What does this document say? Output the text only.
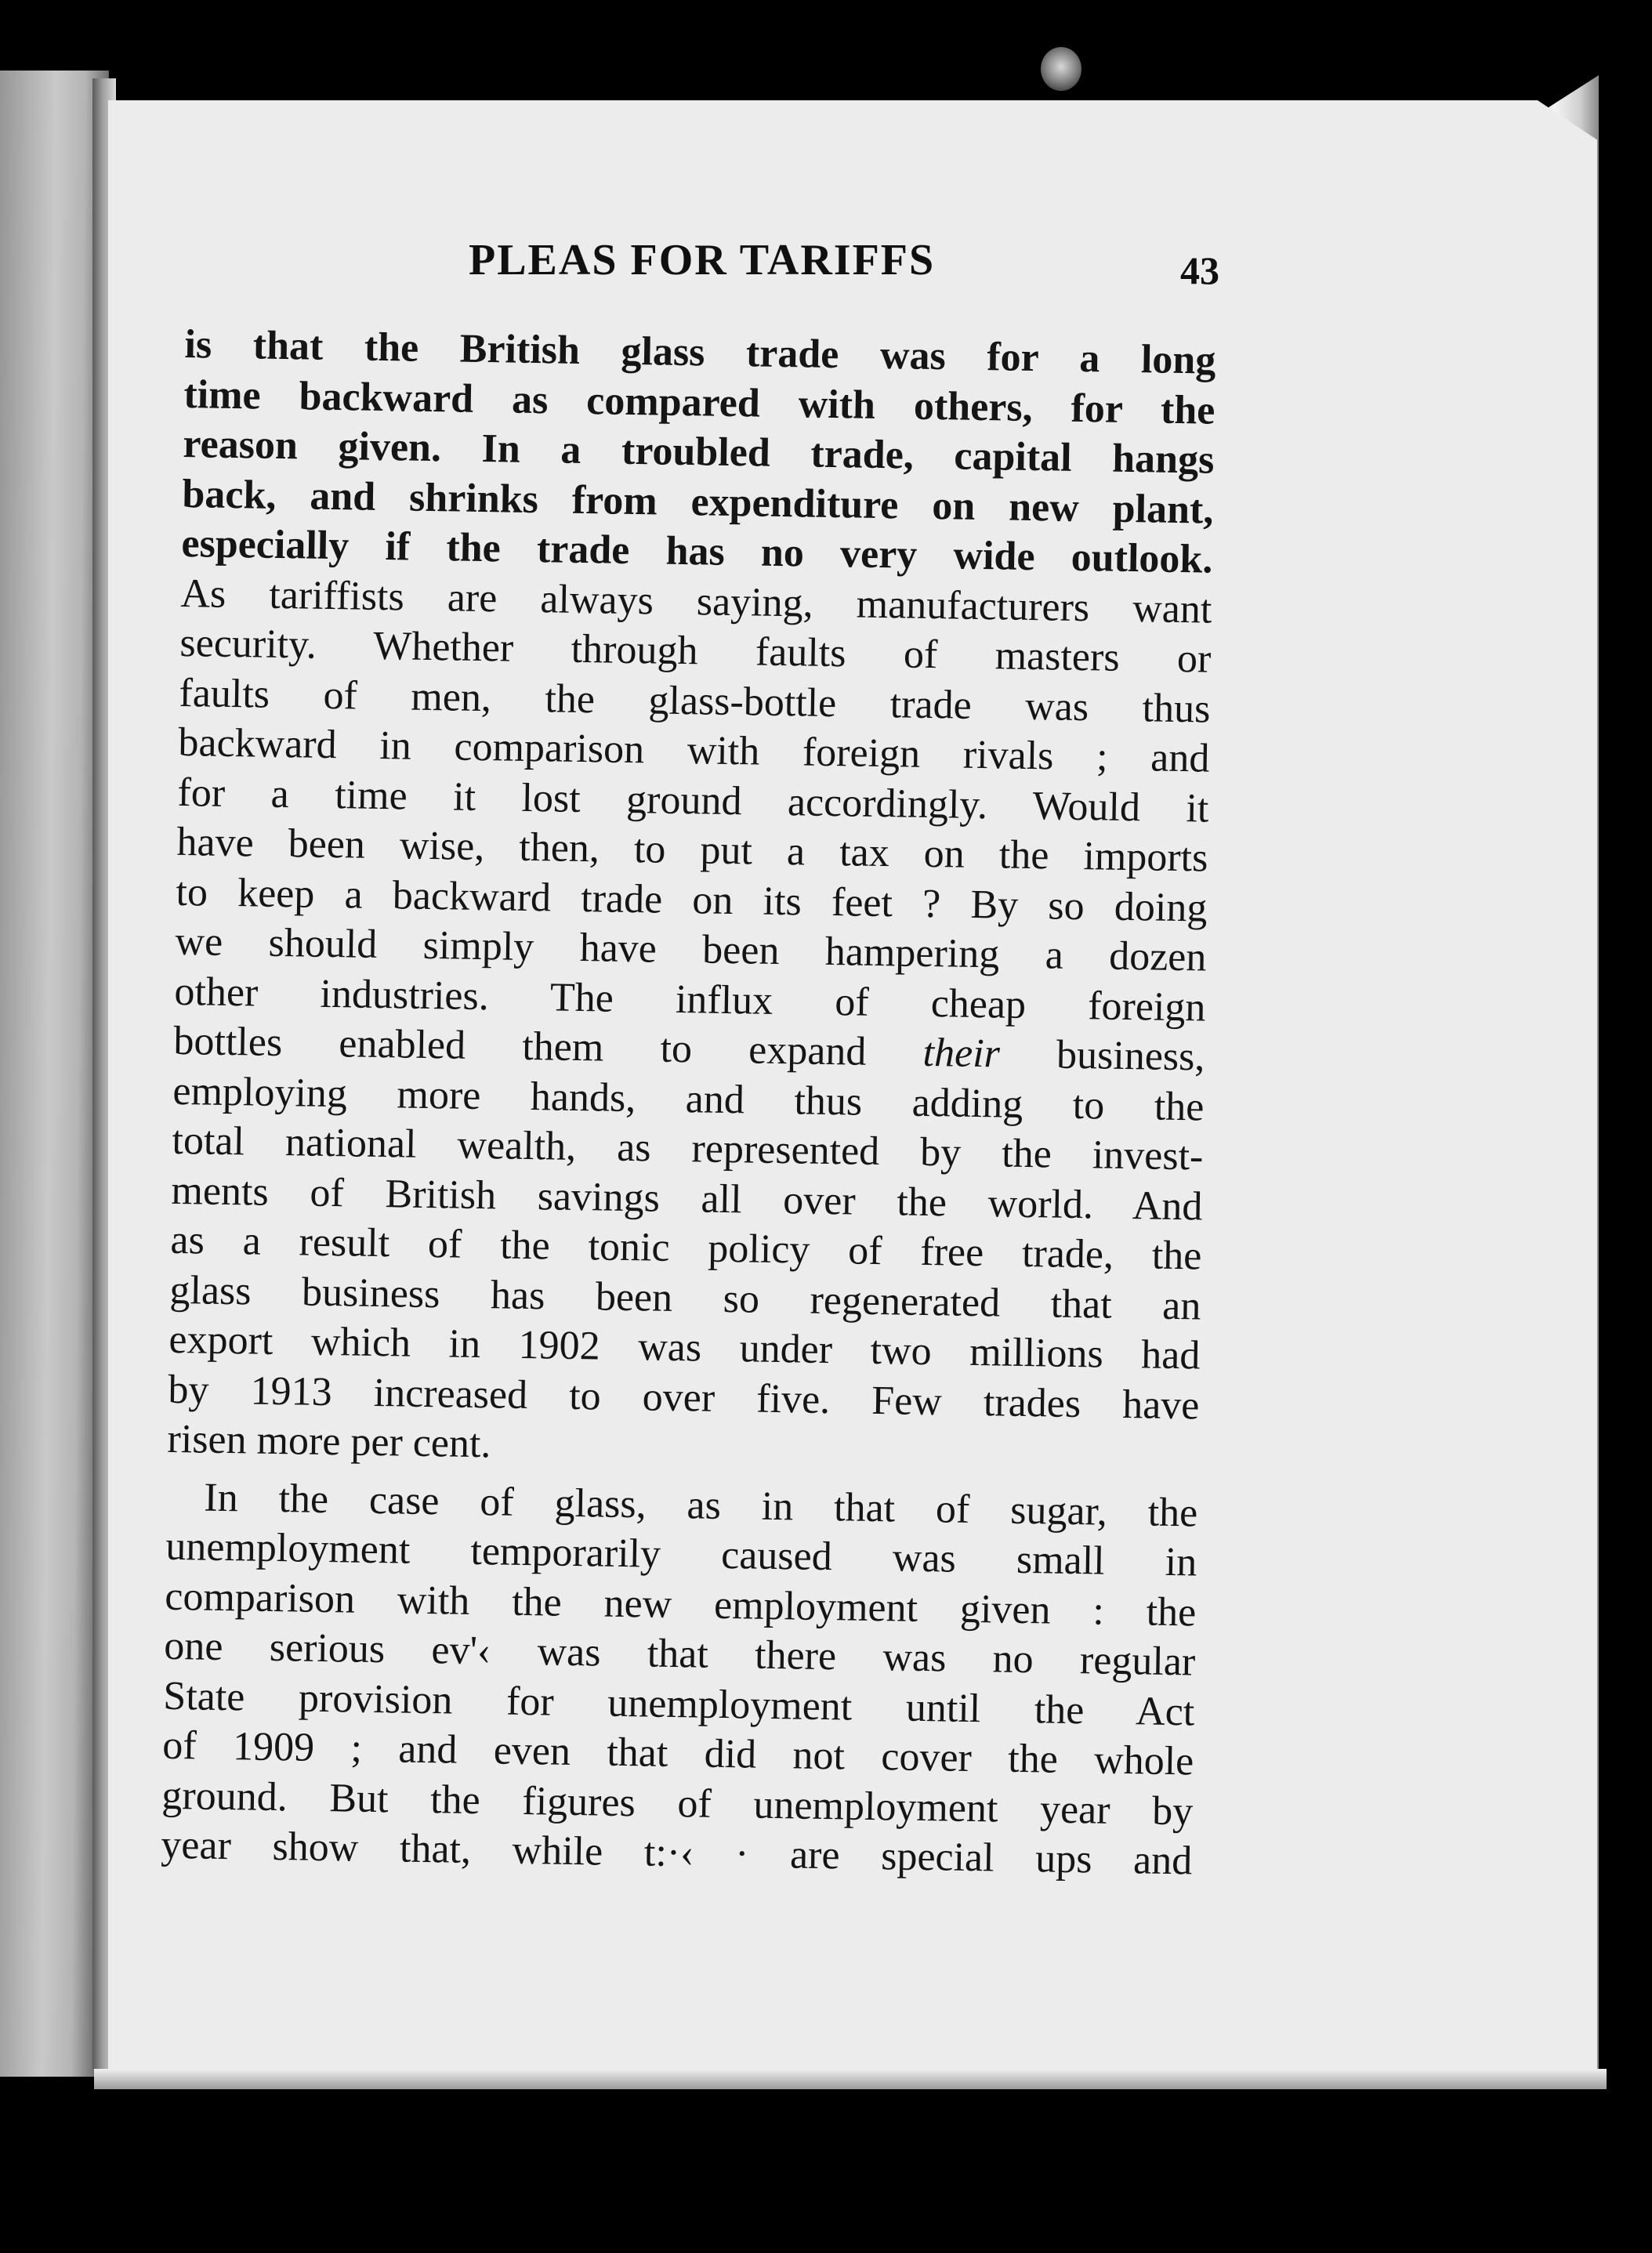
PLEAS FOR TARIFFS	43
is that the British glass trade was for a long
time backward as compared with others, for the
reason given. In a troubled trade, capital hangs
back, and shrinks from expenditure on new plant,
especially if the trade has no very wide outlook.
As tariffists are always saying, manufacturers want
security. Whether through faults of masters or
faults of men, the glass-bottle trade was thus
backward in comparison with foreign rivals ; and
for a time it lost ground accordingly. Would it
have been wise, then, to put a tax on the imports
to keep a backward trade on its feet ? By so doing
we should simply have been hampering a dozen
other industries. The influx of cheap foreign
bottles enabled them to expand their business,
employing more hands, and thus adding to the
total national wealth, as represented by the invest-
ments of British savings all over the world. And
as a result of the tonic policy of free trade, the
glass business has been so regenerated that an
export which in 1902 was under two millions had
by 1913 increased to over five. Few trades have
risen more per cent.
In the case of glass, as in that of sugar, the
unemployment temporarily caused was small in
comparison with the new employment given : the
one serious ev'‹ was that there was no regular
State provision for unemployment until the Act
of 1909 ; and even that did not cover the whole
ground. But the figures of unemployment year by
year show that, while t:·‹ · are special ups and
